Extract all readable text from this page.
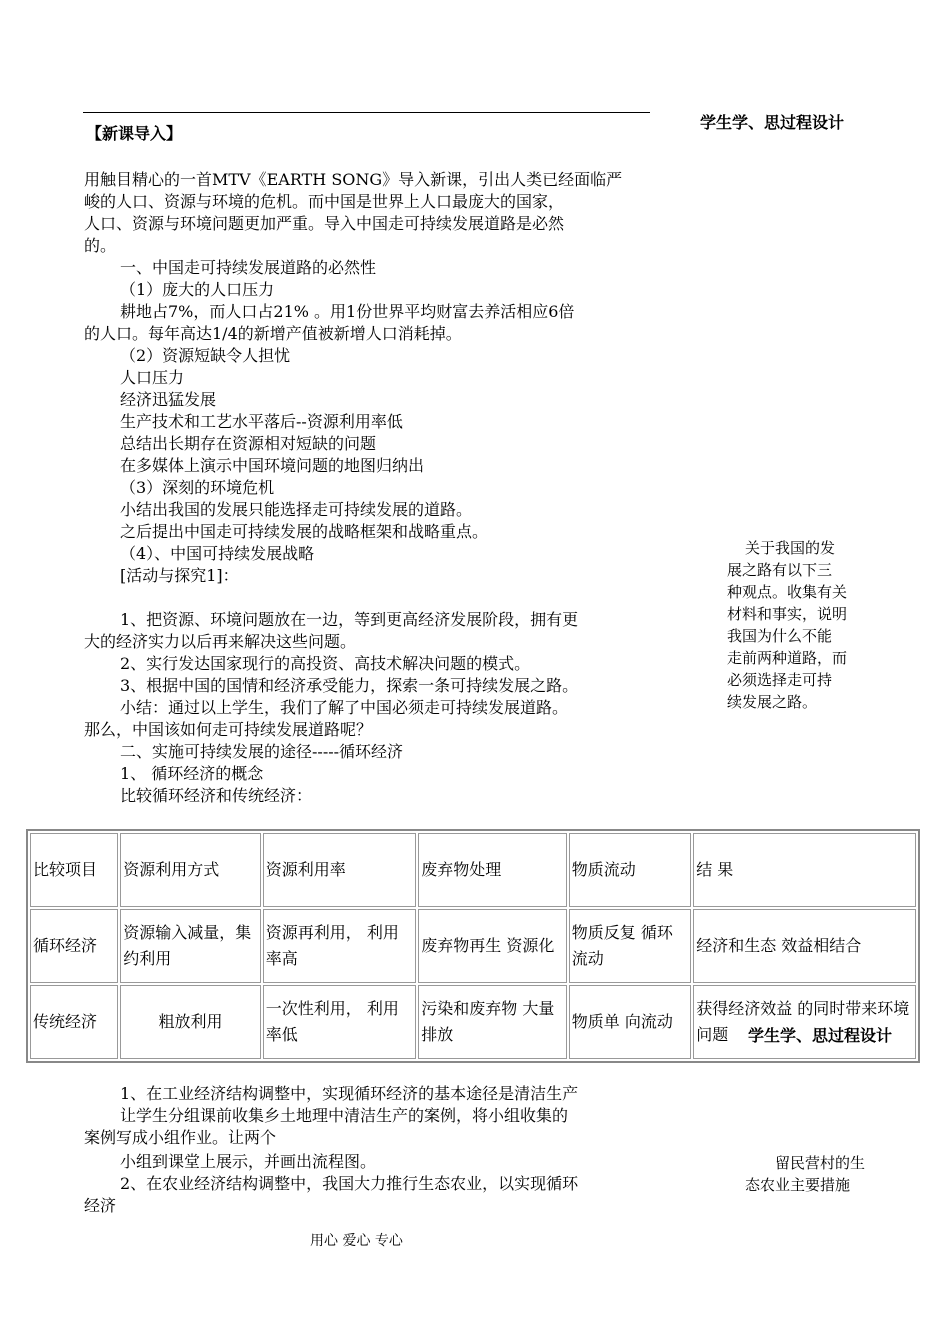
学生学、思过程设计
【新课导入】
用触目精心的一首MTV《EARTH SONG》导入新课，引出人类已经面临严
峻的人口、资源与环境的危机。而中国是世界上人口最庞大的国家，
人口、资源与环境问题更加严重。导入中国走可持续发展道路是必然
的。
一、中国走可持续发展道路的必然性
（1）庞大的人口压力
耕地占7%，而人口占21% 。用1份世界平均财富去养活相应6倍
的人口。每年高达1/4的新增产值被新增人口消耗掉。
（2）资源短缺令人担忧
人口压力
经济迅猛发展
生产技术和工艺水平落后--资源利用率低
总结出长期存在资源相对短缺的问题
在多媒体上演示中国环境问题的地图归纳出
（3）深刻的环境危机
小结出我国的发展只能选择走可持续发展的道路。
之后提出中国走可持续发展的战略框架和战略重点。
（4）、中国可持续发展战略
[活动与探究1]：
1、把资源、环境问题放在一边，等到更高经济发展阶段，拥有更
大的经济实力以后再来解决这些问题。
2、实行发达国家现行的高投资、高技术解决问题的模式。
3、根据中国的国情和经济承受能力，探索一条可持续发展之路。
小结：通过以上学生，我们了解了中国必须走可持续发展道路。
那么，中国该如何走可持续发展道路呢？
二、实施可持续发展的途径-----循环经济
1、 循环经济的概念
比较循环经济和传统经济：
关于我国的发
展之路有以下三
种观点。收集有关
材料和事实，说明
我国为什么不能
走前两种道路，而
必须选择走可持
续发展之路。
比较项目	资源利用方式	资源利用率	废弃物处理	物质流动	结 果
循环经济	资源输入减量，集约利用	资源再利用， 利用率高	废弃物再生 资源化	物质反复 循环流动	经济和生态 效益相结合
传统经济	粗放利用	一次性利用， 利用率低	污染和废弃物 大量排放	物质单 向流动	获得经济效益 的同时带来环境问题 学生学、思过程设计
1、在工业经济结构调整中，实现循环经济的基本途径是清洁生产
让学生分组课前收集乡土地理中清洁生产的案例，将小组收集的
案例写成小组作业。让两个
小组到课堂上展示，并画出流程图。
2、在农业经济结构调整中，我国大力推行生态农业，以实现循环
经济
留民营村的生
态农业主要措施
用心 爱心 专心
